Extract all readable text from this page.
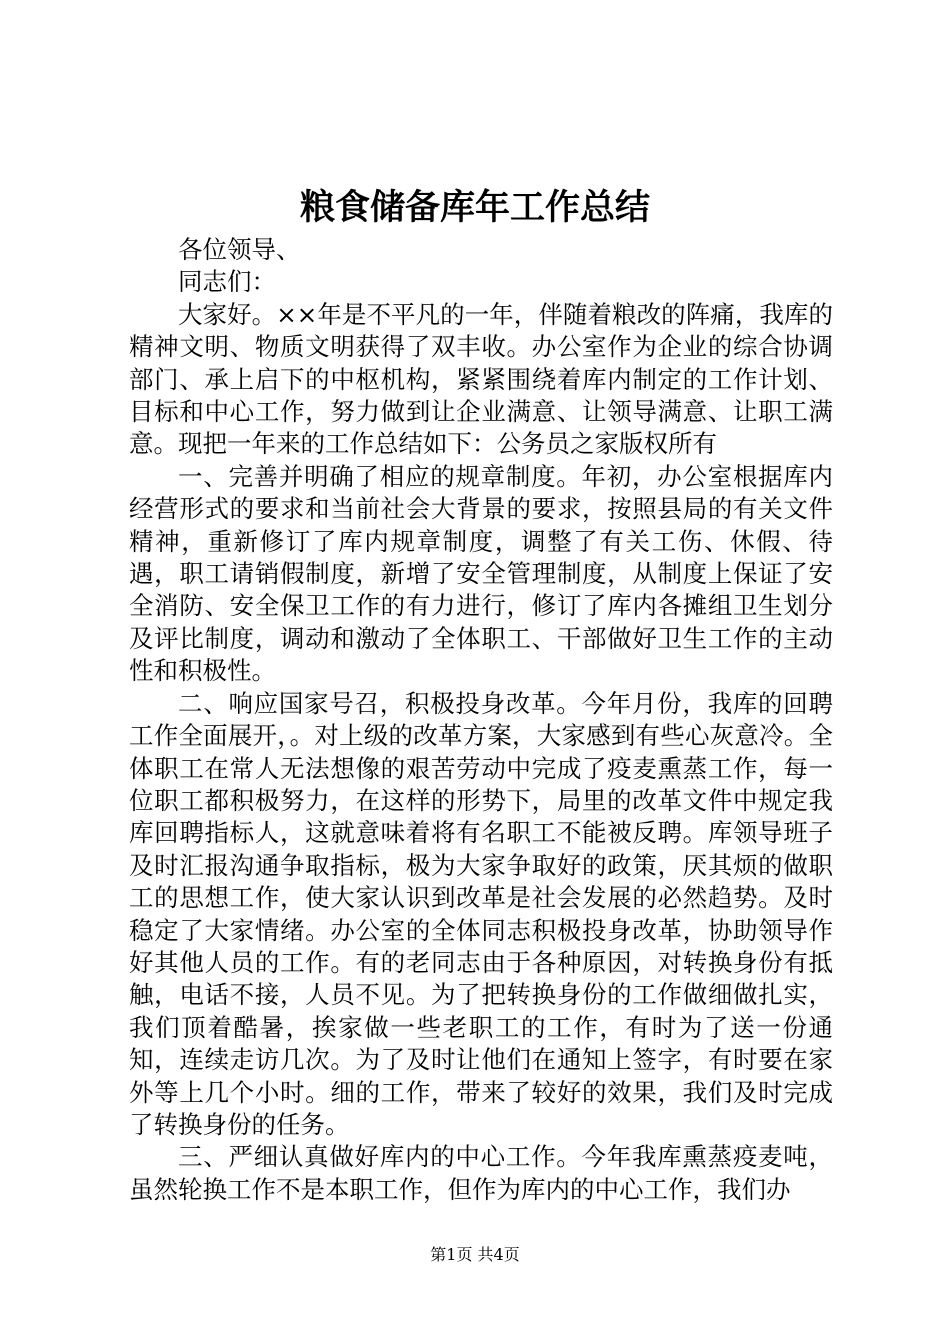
粮食储备库年工作总结

各位领导、

同志们：

大家好。××年是不平凡的一年，伴随着粮改的阵痛，我库的精神文明、物质文明获得了双丰收。办公室作为企业的综合协调部门、承上启下的中枢机构，紧紧围绕着库内制定的工作计划、目标和中心工作，努力做到让企业满意、让领导满意、让职工满意。现把一年来的工作总结如下：公务员之家版权所有

一、完善并明确了相应的规章制度。年初，办公室根据库内经营形式的要求和当前社会大背景的要求，按照县局的有关文件精神，重新修订了库内规章制度，调整了有关工伤、休假、待遇，职工请销假制度，新增了安全管理制度，从制度上保证了安全消防、安全保卫工作的有力进行，修订了库内各摊组卫生划分及评比制度，调动和激动了全体职工、干部做好卫生工作的主动性和积极性。

二、响应国家号召，积极投身改革。今年月份，我库的回聘工作全面展开，。对上级的改革方案，大家感到有些心灰意冷。全体职工在常人无法想像的艰苦劳动中完成了疫麦熏蒸工作，每一位职工都积极努力，在这样的形势下，局里的改革文件中规定我库回聘指标人，这就意味着将有名职工不能被反聘。库领导班子及时汇报沟通争取指标，极为大家争取好的政策，厌其烦的做职工的思想工作，使大家认识到改革是社会发展的必然趋势。及时稳定了大家情绪。办公室的全体同志积极投身改革，协助领导作好其他人员的工作。有的老同志由于各种原因，对转换身份有抵触，电话不接，人员不见。为了把转换身份的工作做细做扎实，我们顶着酷暑，挨家做一些老职工的工作，有时为了送一份通知，连续走访几次。为了及时让他们在通知上签字，有时要在家外等上几个小时。细的工作，带来了较好的效果，我们及时完成了转换身份的任务。

三、严细认真做好库内的中心工作。今年我库熏蒸疫麦吨，虽然轮换工作不是本职工作，但作为库内的中心工作，我们办

第1页 共4页
